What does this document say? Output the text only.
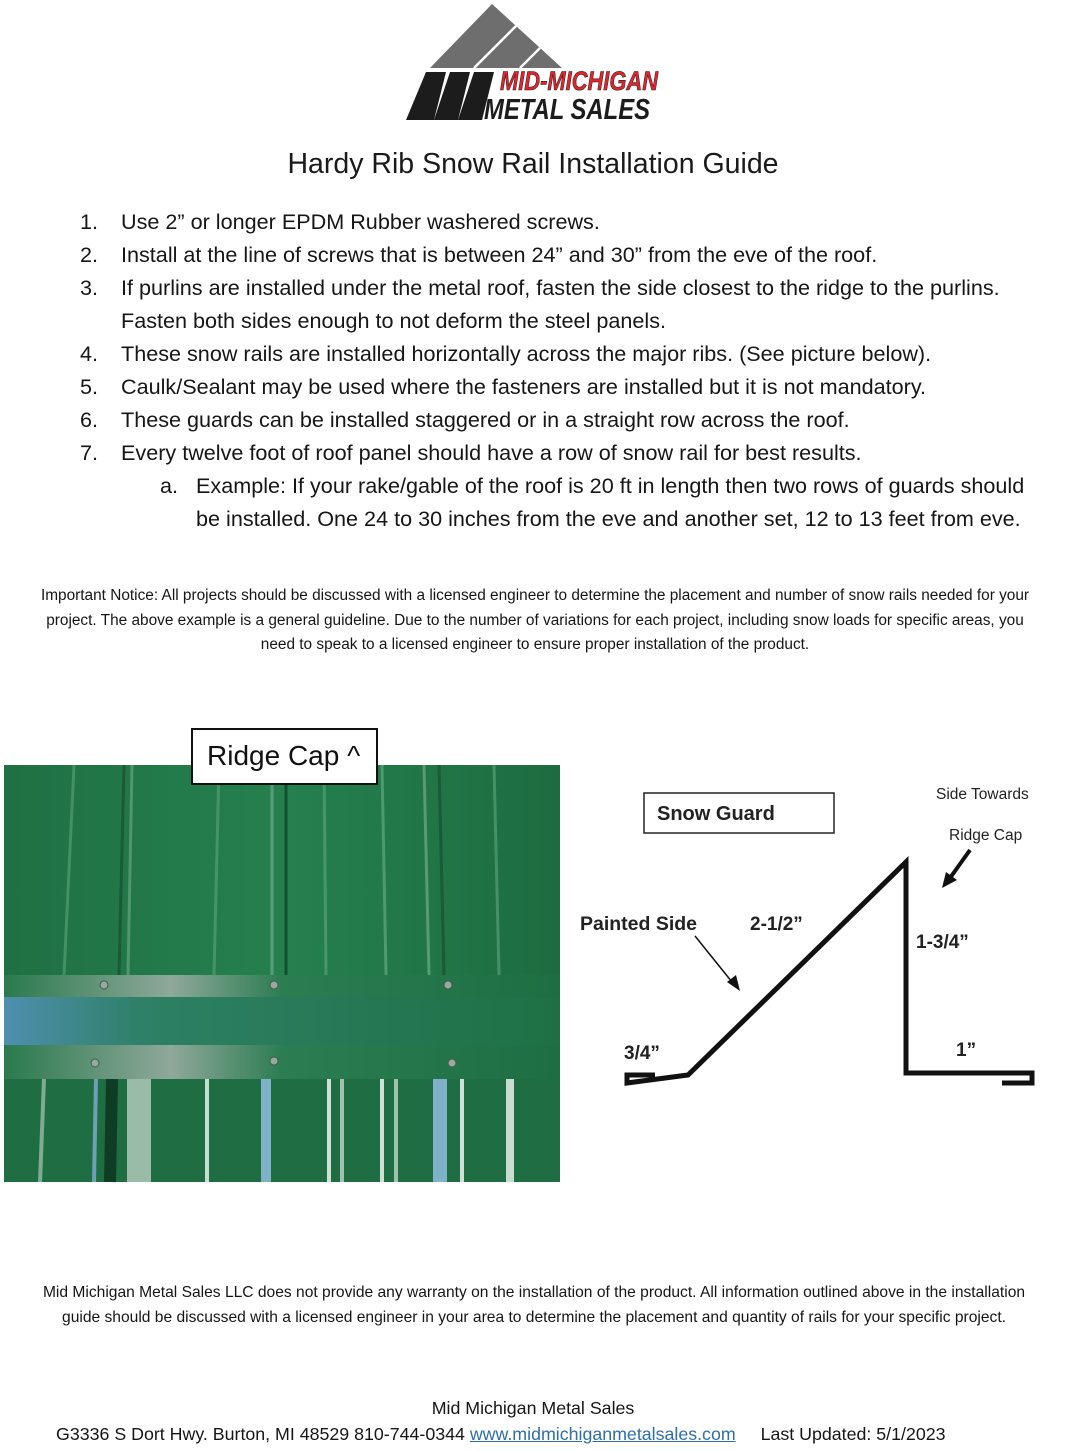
MID-MICHIGAN
METAL SALES
Hardy Rib Snow Rail Installation Guide
1. Use 2” or longer EPDM Rubber washered screws.
2. Install at the line of screws that is between 24” and 30” from the eve of the roof.
3. If purlins are installed under the metal roof, fasten the side closest to the ridge to the purlins. Fasten both sides enough to not deform the steel panels.
4. These snow rails are installed horizontally across the major ribs. (See picture below).
5. Caulk/Sealant may be used where the fasteners are installed but it is not mandatory.
6. These guards can be installed staggered or in a straight row across the roof.
7. Every twelve foot of roof panel should have a row of snow rail for best results.
a. Example: If your rake/gable of the roof is 20 ft in length then two rows of guards should be installed. One 24 to 30 inches from the eve and another set, 12 to 13 feet from eve.
Important Notice: All projects should be discussed with a licensed engineer to determine the placement and number of snow rails needed for your project. The above example is a general guideline. Due to the number of variations for each project, including snow loads for specific areas, you need to speak to a licensed engineer to ensure proper installation of the product.
Ridge Cap ^
Snow Guard
Side Towards
Ridge Cap
Painted Side	2-1/2”
1-3/4”
3/4”	1”
Mid Michigan Metal Sales LLC does not provide any warranty on the installation of the product. All information outlined above in the installation guide should be discussed with a licensed engineer in your area to determine the placement and quantity of rails for your specific project.
Mid Michigan Metal Sales
G3336 S Dort Hwy. Burton, MI 48529 810-744-0344 www.midmichiganmetalsales.com Last Updated: 5/1/2023
